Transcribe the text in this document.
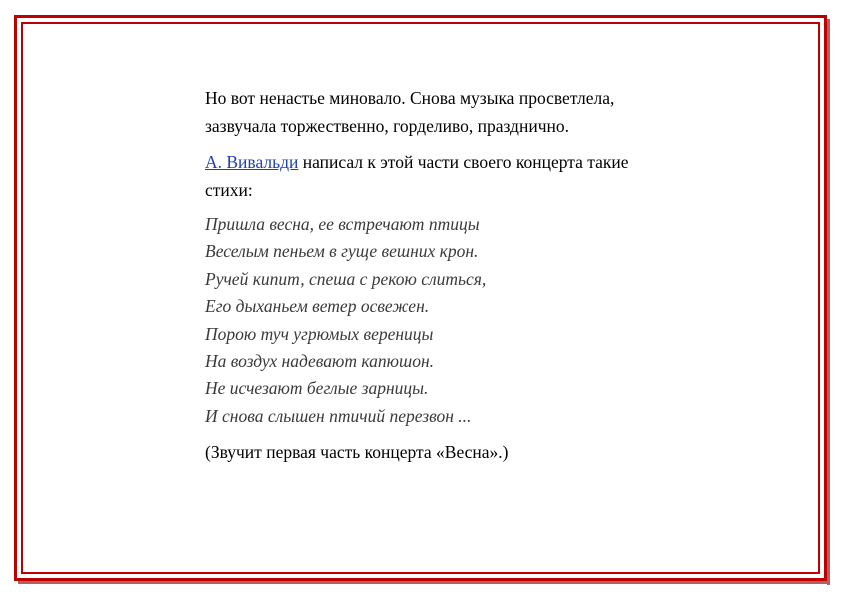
Но вот ненастье миновало. Снова музыка просветлела,
зазвучала торжественно, горделиво, празднично.

А. Вивальди написал к этой части своего концерта такие
стихи:

Пришла весна, ее встречают птицы
Веселым пеньем в гуще вешних крон.
Ручей кипит, спеша с рекою слиться,
Его дыханьем ветер освежен.
Порою туч угрюмых вереницы
На воздух надевают капюшон.
Не исчезают беглые зарницы.
И снова слышен птичий перезвон ...

(Звучит первая часть концерта «Весна».)
